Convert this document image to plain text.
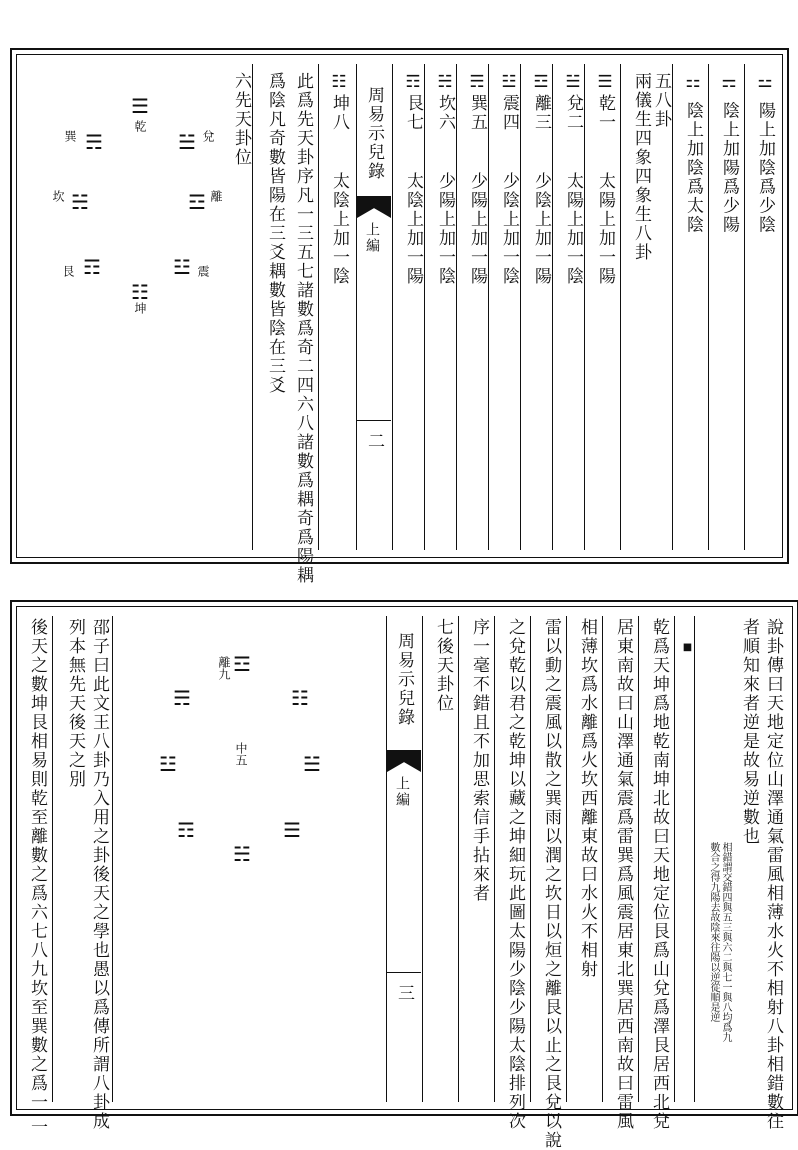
⚍ 陽上加陰爲少陰
⚎ 陰上加陽爲少陽
⚏ 陰上加陰爲太陰
五八卦
兩儀生四象四象生八卦
☰乾一太陽上加一陽
☱兌二太陽上加一陰
☲離三少陰上加一陽
☳震四少陰上加一陰
☴巽五少陽上加一陽
☵坎六少陽上加一陰
☶艮七太陰上加一陽
周易示兒錄
上編
二
☷坤八太陰上加一陰
此爲先天卦序凡一三五七諸數爲奇二四六八諸數爲耦奇爲陽耦
爲陰凡奇數皆陽在三爻耦數皆陰在三爻
六先天卦位
☰
乾
☱ 兌
☲ 離
☳ 震
☷
坤
☶
艮
☵
坎
☴
巽
說卦傳曰天地定位山澤通氣雷風相薄水火不相射八卦相錯數往
者順知來者逆是故易逆數也
相錯謂交錯四與五三與六二與七一與八均爲九
數合之得九陽去故陰來往陽以逆從順是逆
■
乾爲天坤爲地乾南坤北故曰天地定位艮爲山兌爲澤艮居西北兌
居東南故曰山澤通氣震爲雷巽爲風震居東北巽居西南故曰雷風
相薄坎爲水離爲火坎西離東故曰水火不相射
雷以動之震風以散之巽雨以潤之坎日以烜之離艮以止之艮兌以說
之兌乾以君之乾坤以藏之坤細玩此圖太陽少陰少陽太陰排列次
序一毫不錯且不加思索信手拈來者
七後天卦位
周易示兒錄
上編
三
☲
離九
☷
☱
☰
☵
☶
☳
☴
中五
邵子曰此文王八卦乃入用之卦後天之學也愚以爲傳所謂八卦成
列本無先天後天之別
後天之數坤艮相易則乾至離數之爲六七八九坎至巽數之爲一二
